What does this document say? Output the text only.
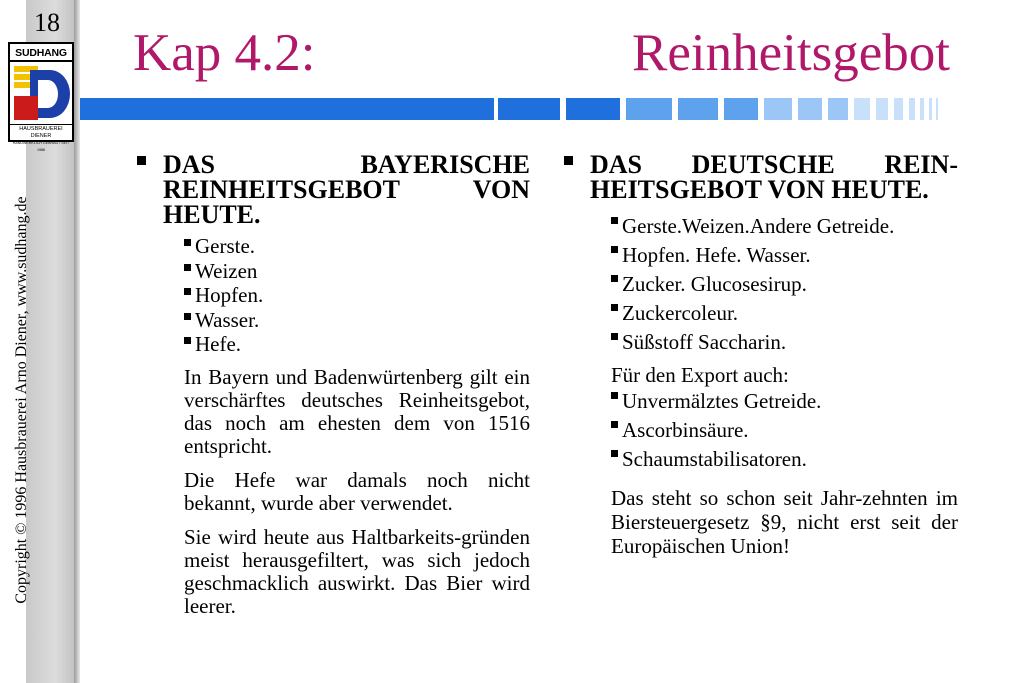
18
SUDHANG
HAUSBRAUEREI DIENER
HANDWERKLICH GEBRAUT SEIT 1986
Copyright © 1996 Hausbrauerei Arno Diener, www.sudhang.de
Kap 4.2:	Reinheitsgebot
DAS BAYERISCHE REINHEITSGEBOT VON HEUTE.
Gerste.
Weizen
Hopfen.
Wasser.
Hefe.

In Bayern und Badenwürtenberg gilt ein verschärftes deutsches Reinheitsgebot, das noch am ehesten dem von 1516 entspricht.

Die Hefe war damals noch nicht bekannt, wurde aber verwendet.

Sie wird heute aus Haltbarkeits-gründen meist herausgefiltert, was sich jedoch geschmacklich auswirkt. Das Bier wird leerer.

DAS DEUTSCHE REIN-HEITSGEBOT VON HEUTE.
Gerste.Weizen.Andere Getreide.
Hopfen. Hefe. Wasser.
Zucker. Glucosesirup.
Zuckercoleur.
Süßstoff Saccharin.

Für den Export auch:

Unvermälztes Getreide.
Ascorbinsäure.
Schaumstabilisatoren.

Das steht so schon seit Jahr-zehnten im Biersteuergesetz §9, nicht erst seit der Europäischen Union!
